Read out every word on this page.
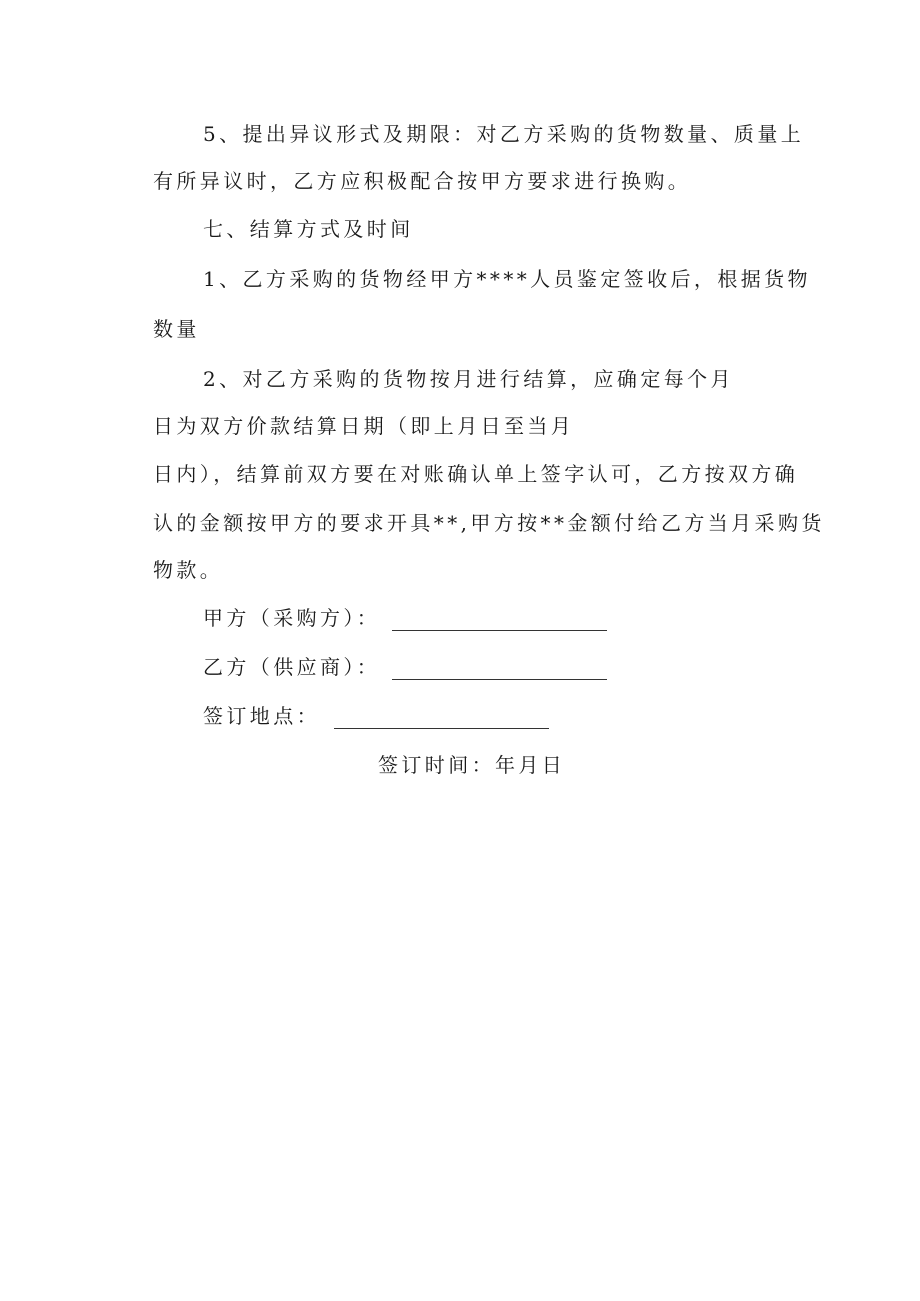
5、提出异议形式及期限：对乙方采购的货物数量、质量上
有所异议时，乙方应积极配合按甲方要求进行换购。
七、结算方式及时间
1、乙方采购的货物经甲方****人员鉴定签收后，根据货物
数量
2、对乙方采购的货物按月进行结算，应确定每个月
日为双方价款结算日期（即上月日至当月
日内），结算前双方要在对账确认单上签字认可，乙方按双方确
认的金额按甲方的要求开具**,甲方按**金额付给乙方当月采购货
物款。
甲方（采购方）：
乙方（供应商）：
签订地点：
签订时间：年月日
